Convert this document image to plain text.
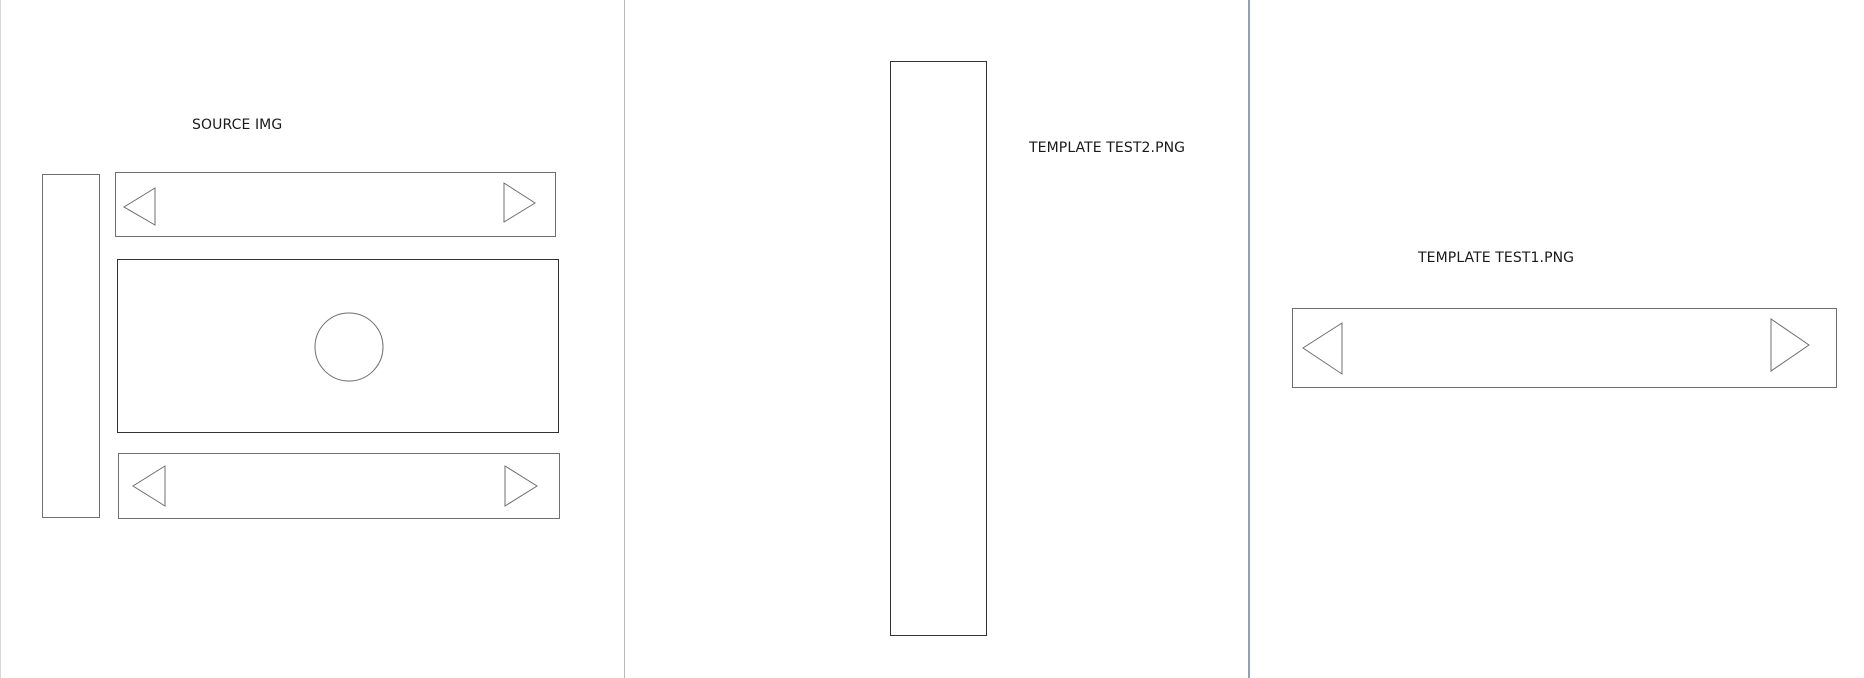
SOURCE IMG
TEMPLATE TEST2.PNG
TEMPLATE TEST1.PNG
